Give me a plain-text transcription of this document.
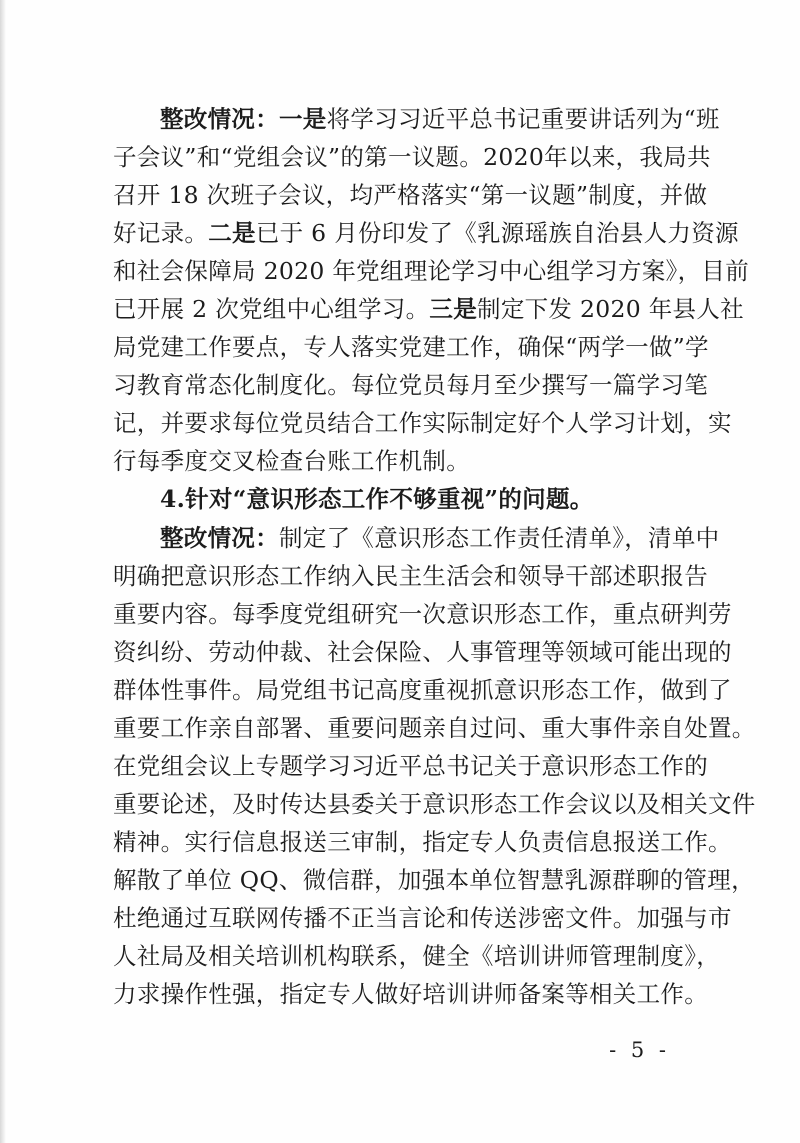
整改情况：一是将学习习近平总书记重要讲话列为“班
子会议”和“党组会议”的第一议题。2020年以来，我局共
召开 18 次班子会议，均严格落实“第一议题”制度，并做
好记录。二是已于 6 月份印发了《乳源瑶族自治县人力资源
和社会保障局 2020 年党组理论学习中心组学习方案》，目前
已开展 2 次党组中心组学习。三是制定下发 2020 年县人社
局党建工作要点，专人落实党建工作，确保“两学一做”学
习教育常态化制度化。每位党员每月至少撰写一篇学习笔
记，并要求每位党员结合工作实际制定好个人学习计划，实
行每季度交叉检查台账工作机制。
4.针对“意识形态工作不够重视”的问题。
整改情况：制定了《意识形态工作责任清单》，清单中
明确把意识形态工作纳入民主生活会和领导干部述职报告
重要内容。每季度党组研究一次意识形态工作，重点研判劳
资纠纷、劳动仲裁、社会保险、人事管理等领域可能出现的
群体性事件。局党组书记高度重视抓意识形态工作，做到了
重要工作亲自部署、重要问题亲自过问、重大事件亲自处置。
在党组会议上专题学习习近平总书记关于意识形态工作的
重要论述，及时传达县委关于意识形态工作会议以及相关文件
精神。实行信息报送三审制，指定专人负责信息报送工作。
解散了单位 QQ、微信群，加强本单位智慧乳源群聊的管理，
杜绝通过互联网传播不正当言论和传送涉密文件。加强与市
人社局及相关培训机构联系，健全《培训讲师管理制度》，
力求操作性强，指定专人做好培训讲师备案等相关工作。
- 5 -
